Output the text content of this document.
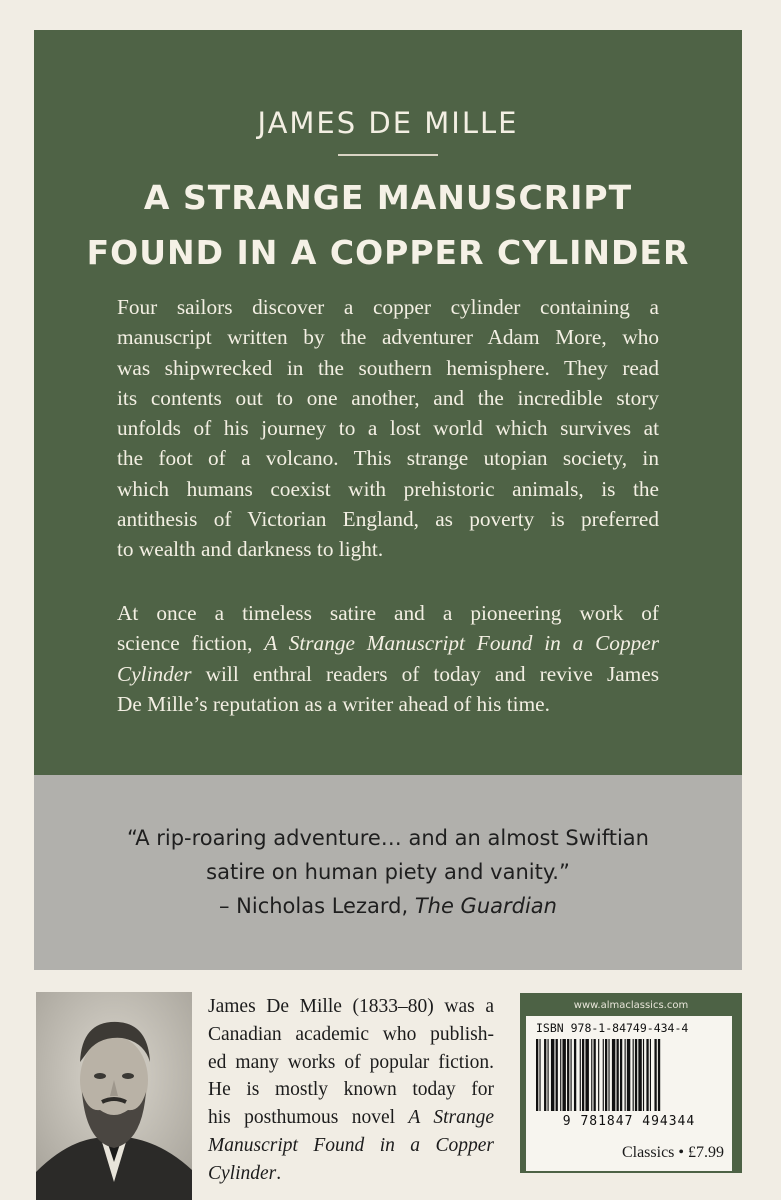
JAMES DE MILLE
A STRANGE MANUSCRIPT
FOUND IN A COPPER CYLINDER
Four sailors discover a copper cylinder containing a
manuscript written by the adventurer Adam More, who
was shipwrecked in the southern hemisphere. They read
its contents out to one another, and the incredible story
unfolds of his journey to a lost world which survives at
the foot of a volcano. This strange utopian society, in
which humans coexist with prehistoric animals, is the
antithesis of Victorian England, as poverty is preferred
to wealth and darkness to light.
At once a timeless satire and a pioneering work of
science fiction, A Strange Manuscript Found in a Copper
Cylinder will enthral readers of today and revive James
De Mille’s reputation as a writer ahead of his time.
“A rip-roaring adventure… and an almost Swiftian
satire on human piety and vanity.”
– Nicholas Lezard, The Guardian
James De Mille (1833–80) was a
Canadian academic who publish-
ed many works of popular fiction.
He is mostly known today for
his posthumous novel A Strange
Manuscript Found in a Copper
Cylinder.
www.almaclassics.com
ISBN 978-1-84749-434-4
9 781847 494344
Classics • £7.99
